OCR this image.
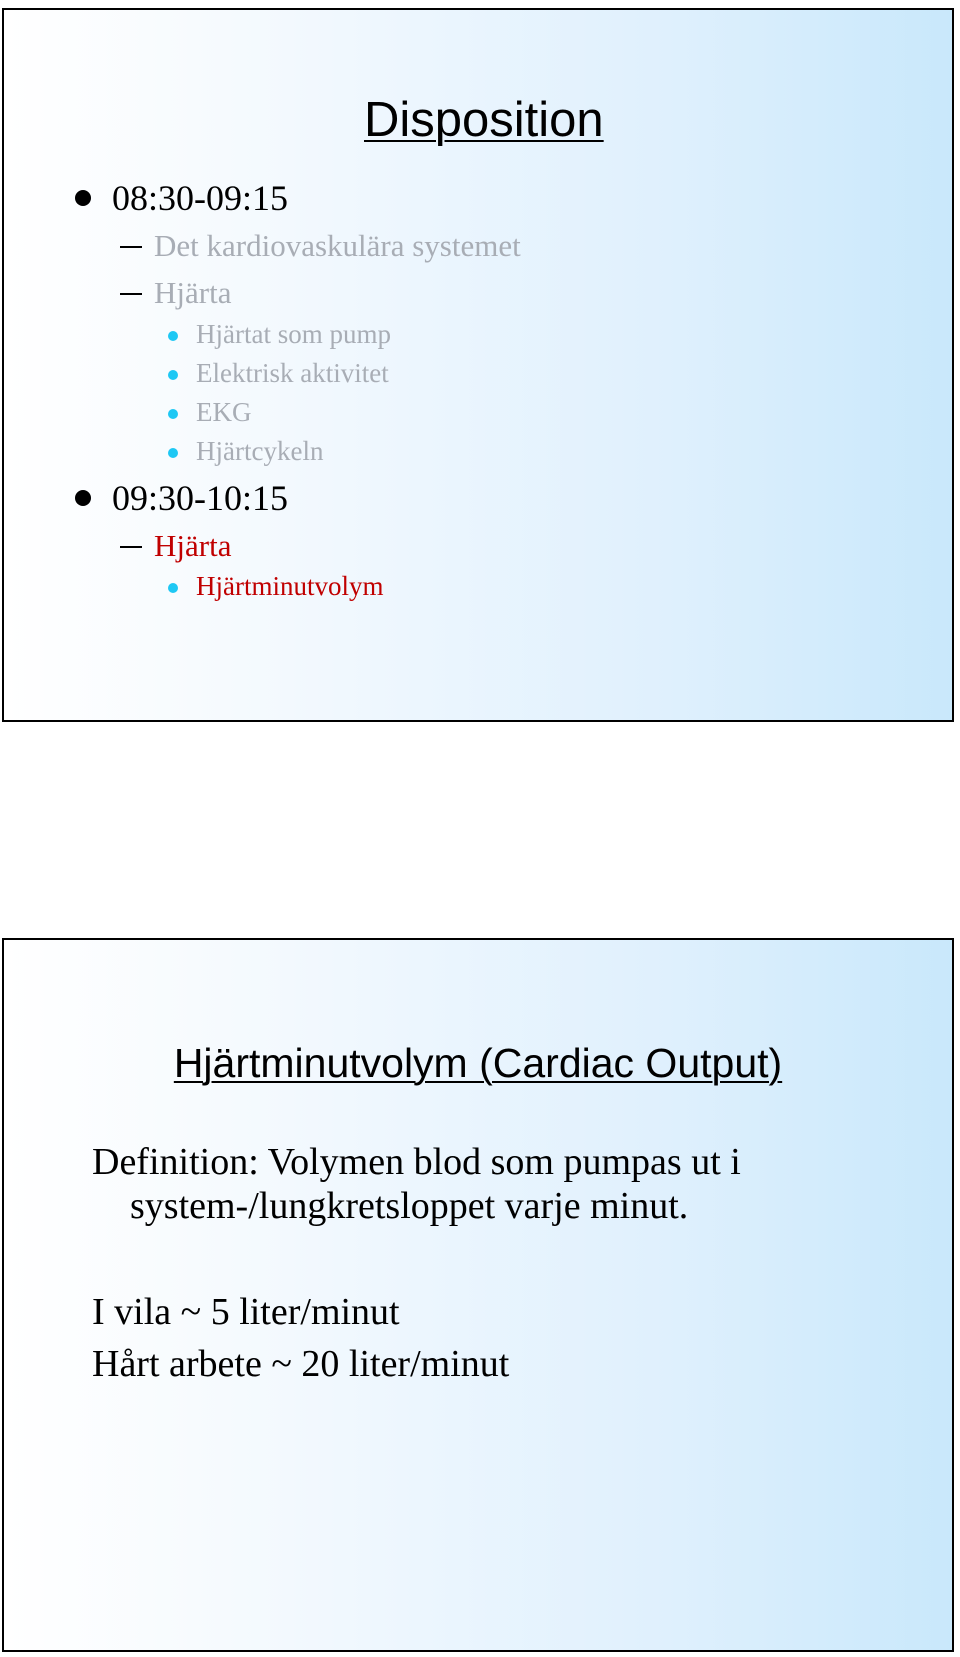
Disposition
08:30-09:15
Det kardiovaskulära systemet
Hjärta
Hjärtat som pump
Elektrisk aktivitet
EKG
Hjärtcykeln
09:30-10:15
Hjärta
Hjärtminutvolym
Hjärtminutvolym (Cardiac Output)
Definition: Volymen blod som pumpas ut i
system-/lungkretsloppet varje minut.
I vila ~ 5 liter/minut
Hårt arbete ~ 20 liter/minut
